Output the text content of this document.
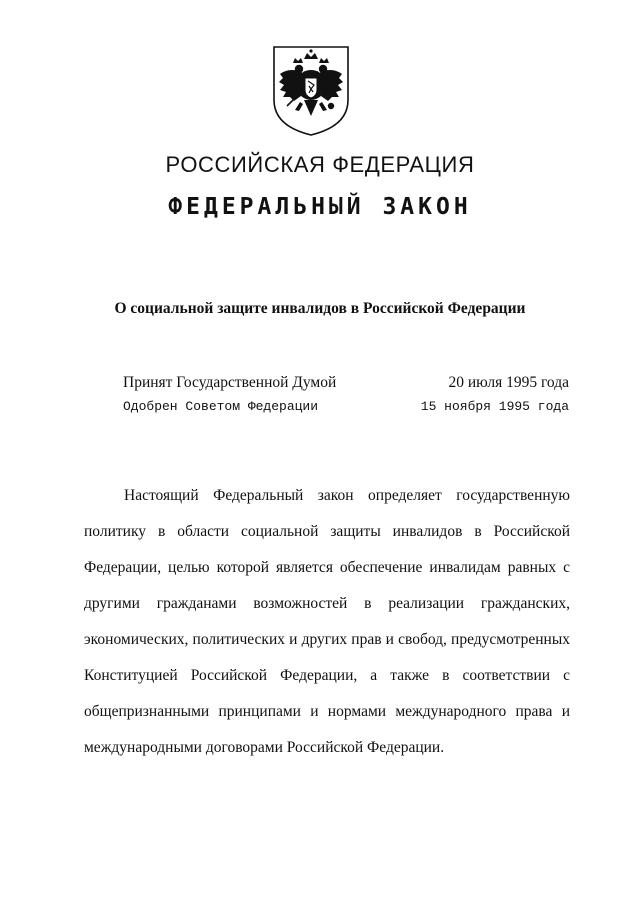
РОССИЙСКАЯ ФЕДЕРАЦИЯ
ФЕДЕРАЛЬНЫЙ ЗАКОН
О социальной защите инвалидов в Российской Федерации
Принят Государственной Думой	20 июля 1995 года
Одобрен Советом Федерации	15 ноября 1995 года

Настоящий Федеральный закон определяет государственную политику в области социальной защиты инвалидов в Российской Федерации, целью которой является обеспечение инвалидам равных с другими гражданами возможностей в реализации гражданских, экономических, политических и других прав и свобод, предусмотренных Конституцией Российской Федерации, а также в соответствии с общепризнанными принципами и нормами международного права и международными договорами Российской Федерации.
